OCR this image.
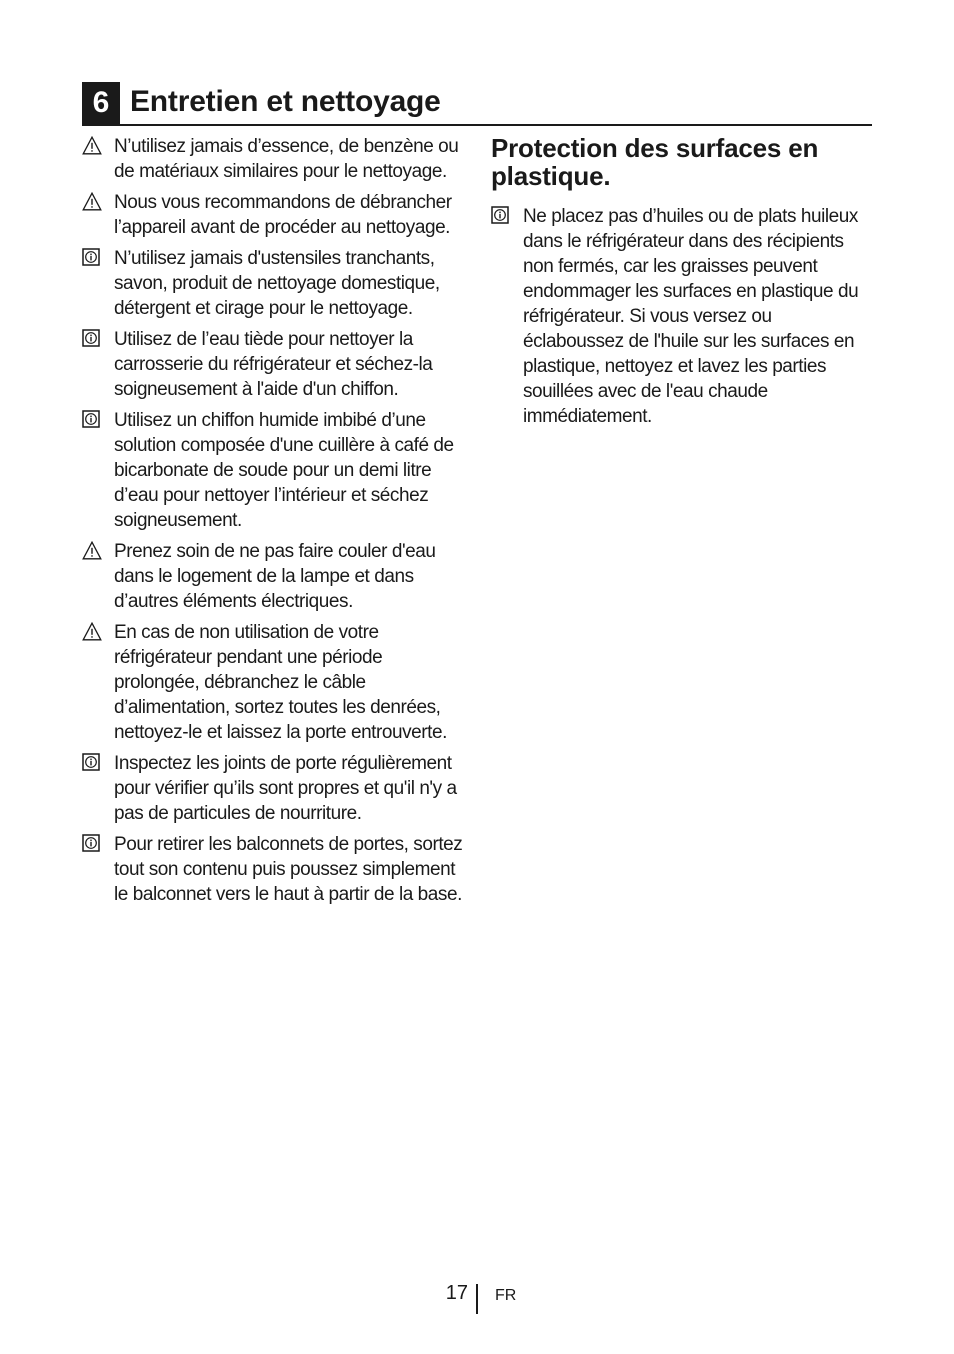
6 Entretien et nettoyage
N’utilisez jamais d’essence, de benzène ou de matériaux similaires pour le nettoyage.
Nous vous recommandons de débrancher l’appareil avant de procéder au nettoyage.
N’utilisez jamais d'ustensiles tranchants, savon, produit de nettoyage domestique, détergent et cirage pour le nettoyage.
Utilisez de l’eau tiède pour nettoyer la carrosserie du réfrigérateur et séchez-la soigneusement à l'aide d'un chiffon.
Utilisez un chiffon humide imbibé d’une solution composée d'une cuillère à café de bicarbonate de soude pour un demi litre d’eau pour nettoyer l’intérieur et séchez soigneusement.
Prenez soin de ne pas faire couler d'eau dans le logement de la lampe et dans d’autres éléments électriques.
En cas de non utilisation de votre réfrigérateur pendant une période prolongée, débranchez le câble d’alimentation, sortez toutes les denrées, nettoyez-le et laissez la porte entrouverte.
Inspectez les joints de porte régulièrement pour vérifier qu’ils sont propres et qu'il n'y a pas de particules de nourriture.
Pour retirer les balconnets de portes, sortez tout son contenu puis poussez simplement le balconnet vers le haut à partir de la base.
Protection des surfaces en plastique.
Ne placez pas d’huiles ou de plats huileux dans le réfrigérateur dans des récipients non fermés, car les graisses peuvent endommager les surfaces en plastique du réfrigérateur. Si vous versez ou éclaboussez de l'huile sur les surfaces en plastique, nettoyez et lavez les parties souillées avec de l'eau chaude immédiatement.
17 FR
